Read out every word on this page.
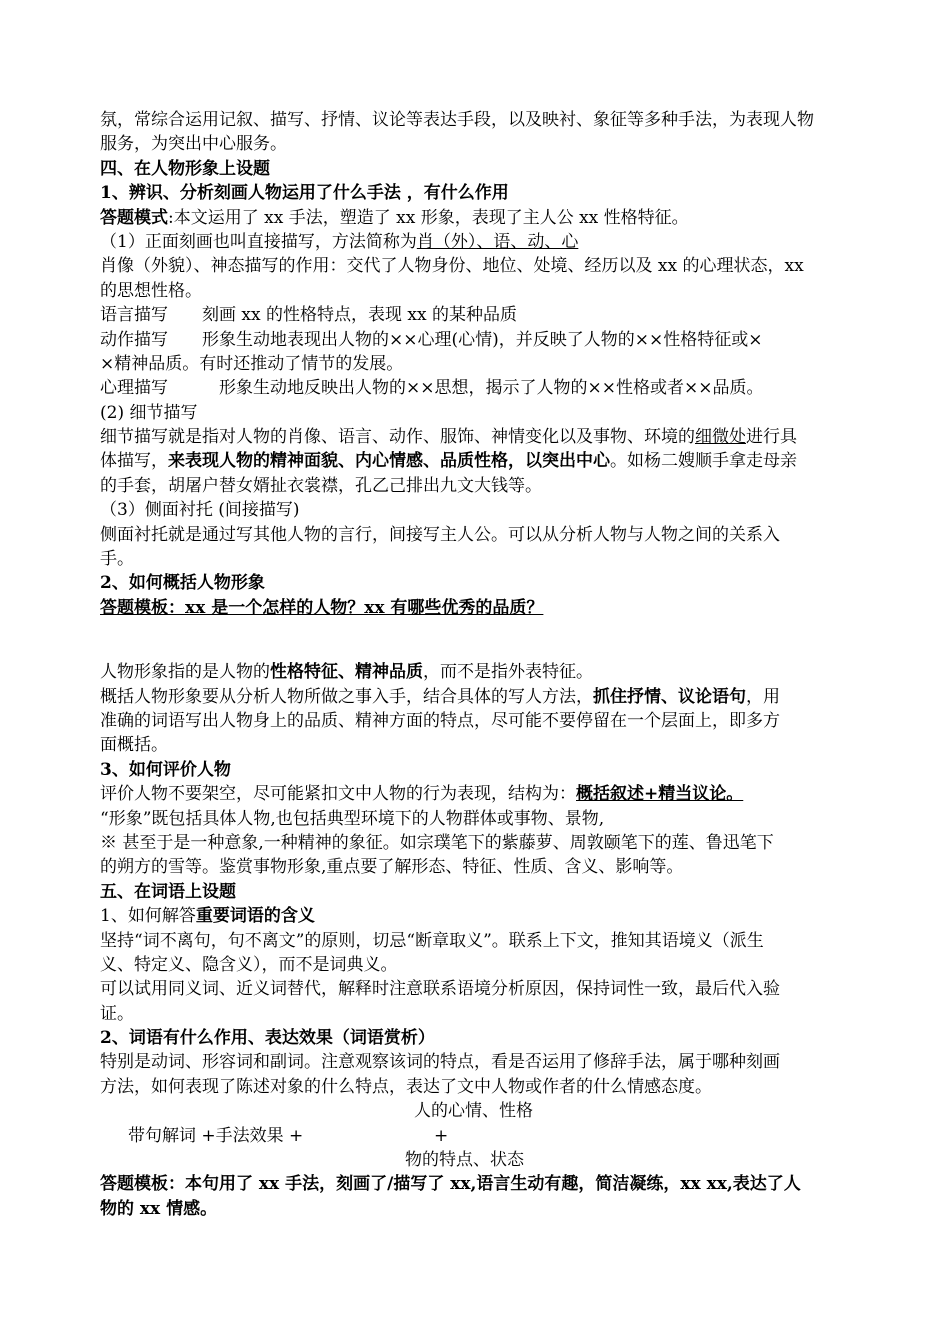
氛，常综合运用记叙、描写、抒情、议论等表达手段，以及映衬、象征等多种手法，为表现人物
服务，为突出中心服务。
四、在人物形象上设题
1、辨识、分析刻画人物运用了什么手法 ，有什么作用
答题模式:本文运用了 xx 手法，塑造了 xx 形象，表现了主人公 xx 性格特征。
（1）正面刻画也叫直接描写，方法简称为肖（外）、语、动、心
肖像（外貌）、神态描写的作用：交代了人物身份、地位、处境、经历以及 xx 的心理状态，xx
的思想性格。
语言描写　　刻画 xx 的性格特点，表现 xx 的某种品质
动作描写　　形象生动地表现出人物的××心理(心情)，并反映了人物的××性格特征或×
×精神品质。有时还推动了情节的发展。
心理描写　　　形象生动地反映出人物的××思想，揭示了人物的××性格或者××品质。
(2) 细节描写
细节描写就是指对人物的肖像、语言、动作、服饰、神情变化以及事物、环境的细微处进行具
体描写，来表现人物的精神面貌、内心情感、品质性格，以突出中心。如杨二嫂顺手拿走母亲
的手套，胡屠户替女婿扯衣裳襟，孔乙己排出九文大钱等。
（3）侧面衬托 (间接描写)
侧面衬托就是通过写其他人物的言行，间接写主人公。可以从分析人物与人物之间的关系入
手。
2、如何概括人物形象
答题模板：xx 是一个怎样的人物？xx 有哪些优秀的品质？
人物形象指的是人物的性格特征、精神品质，而不是指外表特征。
概括人物形象要从分析人物所做之事入手，结合具体的写人方法，抓住抒情、议论语句，用
准确的词语写出人物身上的品质、精神方面的特点，尽可能不要停留在一个层面上，即多方
面概括。
3、如何评价人物
评价人物不要架空，尽可能紧扣文中人物的行为表现，结构为：概括叙述+精当议论。
“形象”既包括具体人物,也包括典型环境下的人物群体或事物、景物,
※ 甚至于是一种意象,一种精神的象征。如宗璞笔下的紫藤萝、周敦颐笔下的莲、鲁迅笔下
的朔方的雪等。鉴赏事物形象,重点要了解形态、特征、性质、含义、影响等。
五、在词语上设题
1、如何解答重要词语的含义
坚持“词不离句，句不离文”的原则，切忌“断章取义”。联系上下文，推知其语境义（派生
义、特定义、隐含义），而不是词典义。
可以试用同义词、近义词替代，解释时注意联系语境分析原因，保持词性一致，最后代入验
证。
2、词语有什么作用、表达效果（词语赏析）
特别是动词、形容词和副词。注意观察该词的特点，看是否运用了修辞手法，属于哪种刻画
方法，如何表现了陈述对象的什么特点，表达了文中人物或作者的什么情感态度。
人的心情、性格
带句解词 +手法效果 +	+
物的特点、状态
答题模板：本句用了 xx 手法，刻画了/描写了 xx,语言生动有趣，简洁凝练，xx xx,表达了人
物的 xx 情感。
